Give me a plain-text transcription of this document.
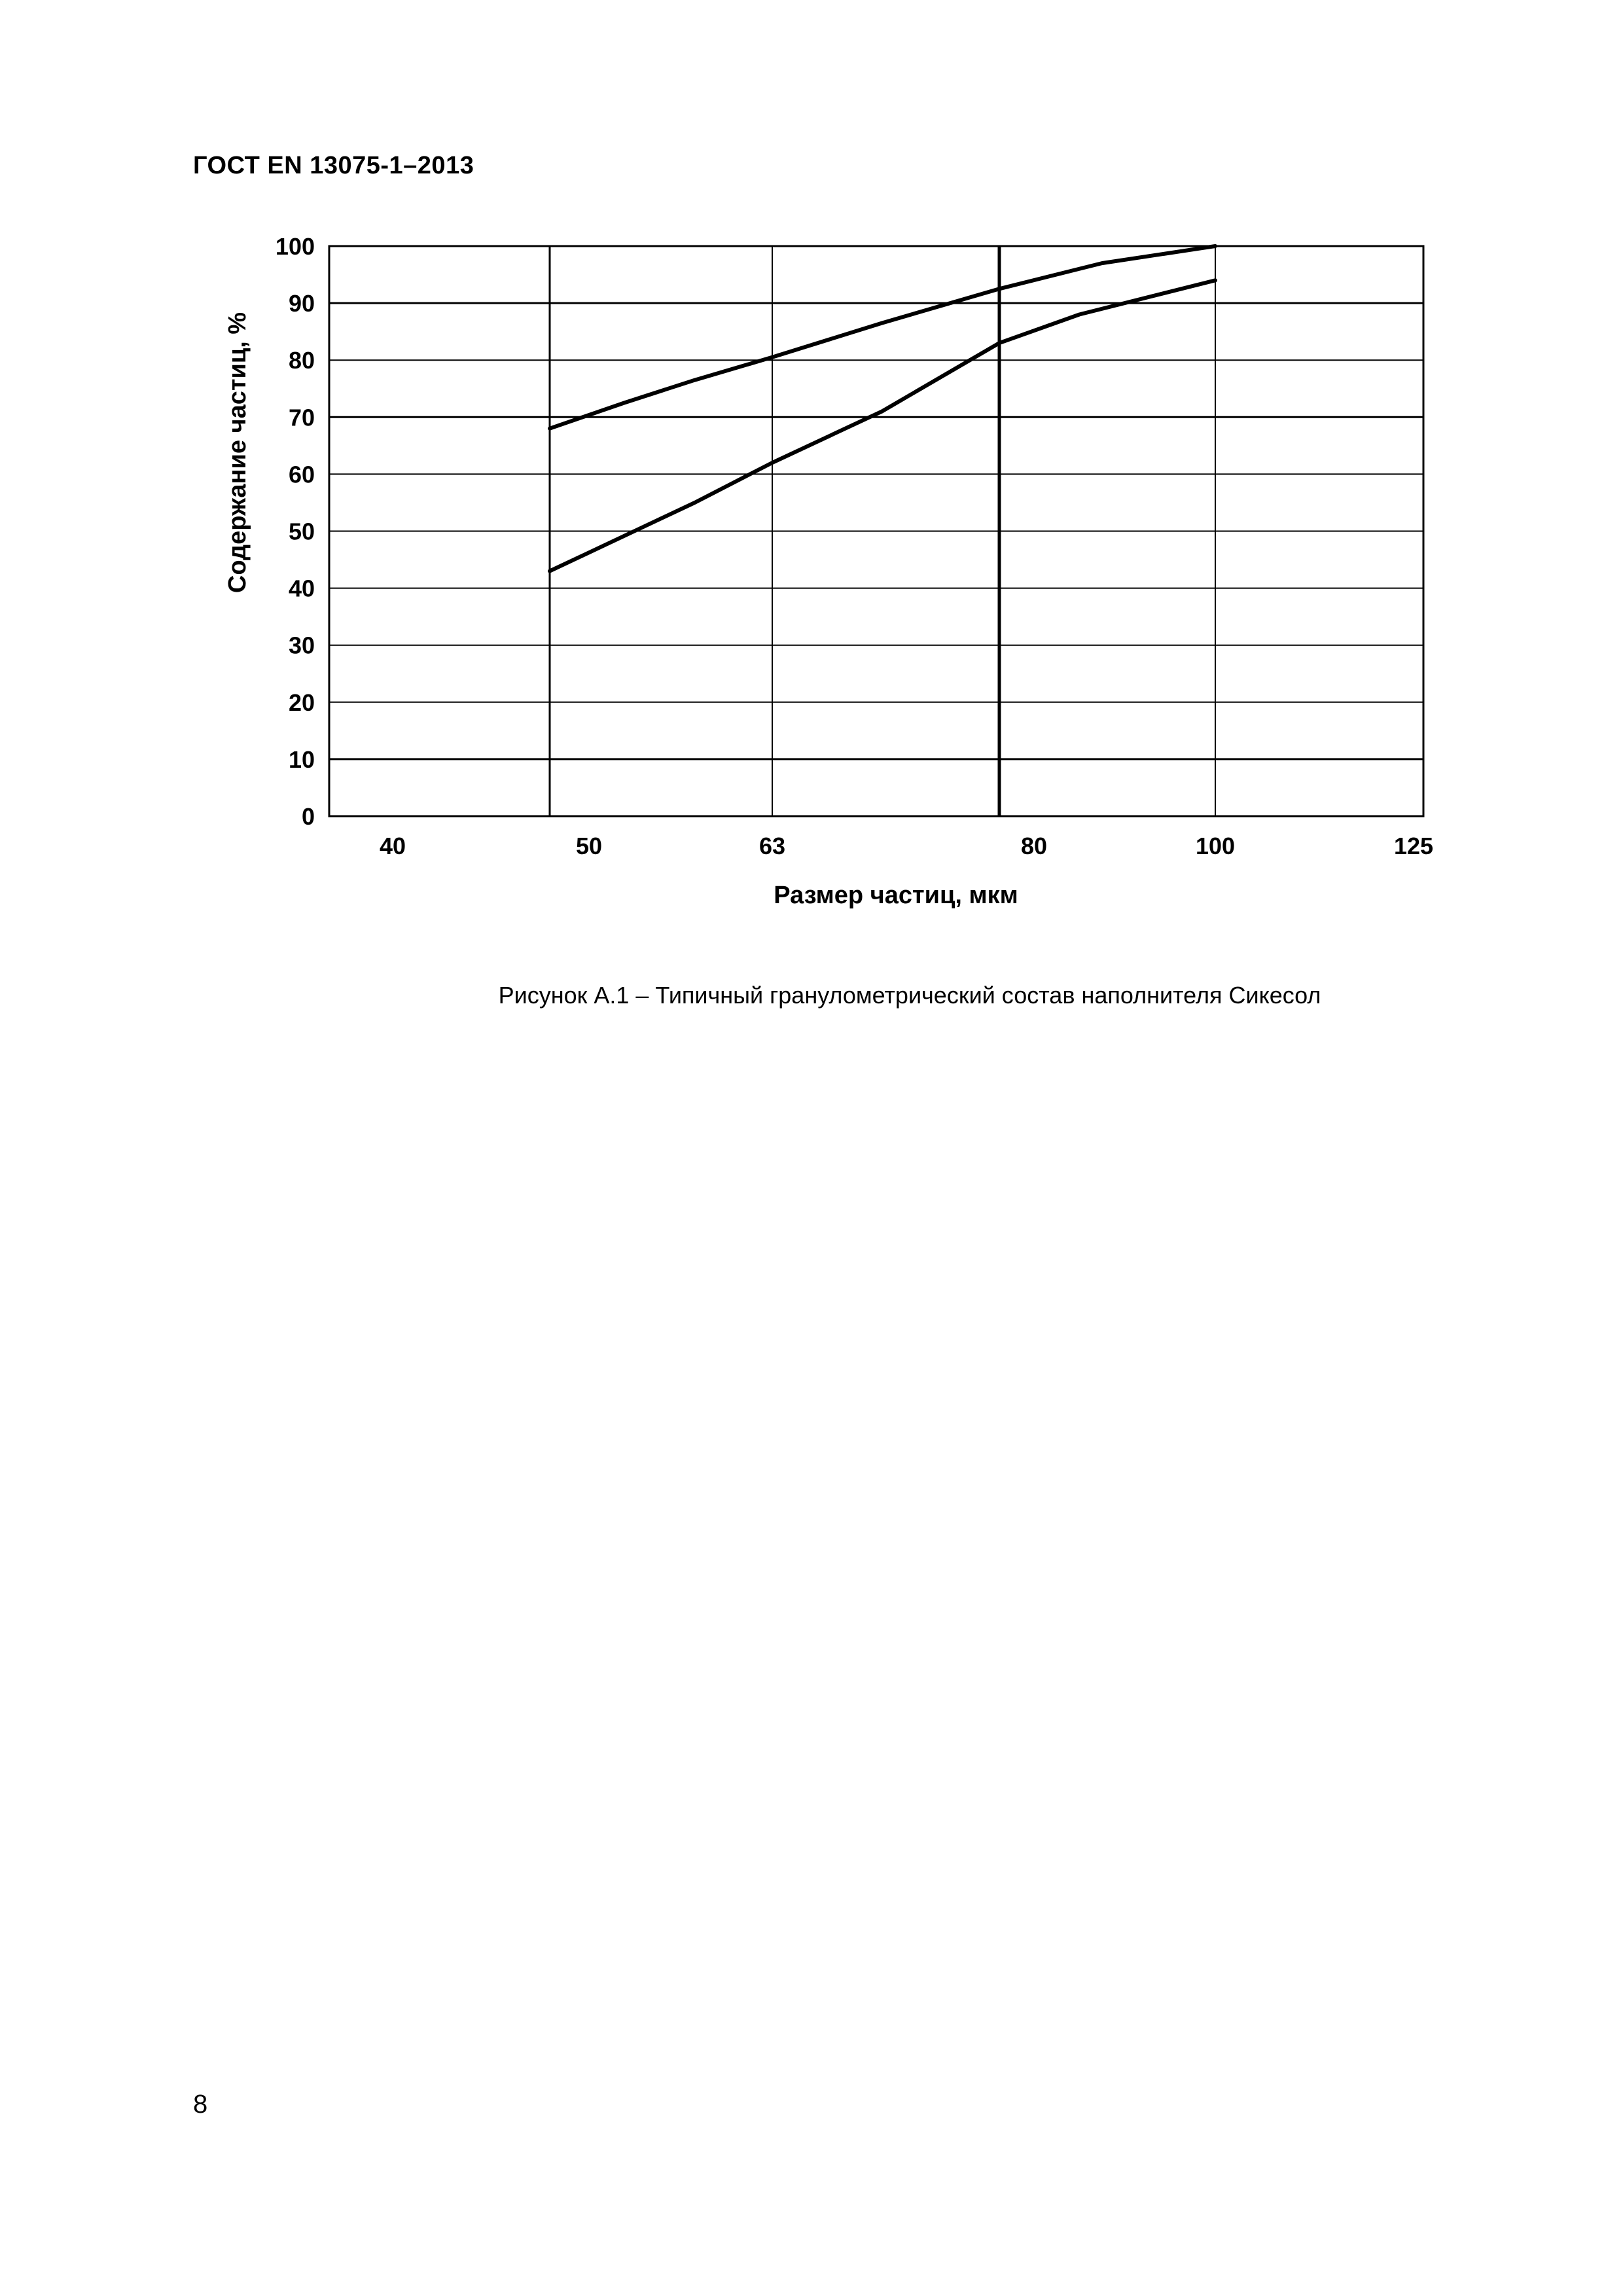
ГОСТ EN 13075-1–2013
0
10
20
30
40
50
60
70
80
90
100
40	50	63	80	100	125
Размер частиц, мкм
Содержание частиц, %
Рисунок А.1 – Типичный гранулометрический состав наполнителя Сикесол
8
